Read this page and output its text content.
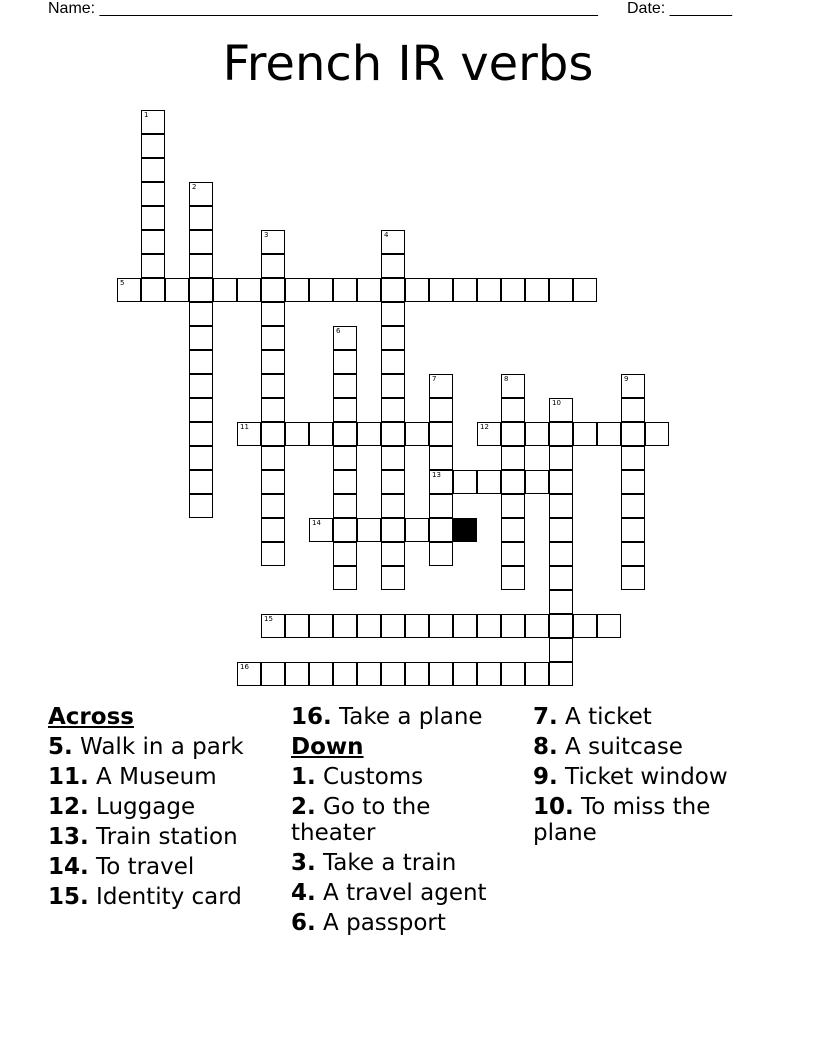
Name: ________________________________________________________ Date: _______
French IR verbs
1
2
3	4
5
6
7
13
8	9
10
11	12
14
15
16
Across
5. Walk in a park
11. A Museum
12. Luggage
13. Train station
14. To travel
15. Identity card
16. Take a plane
Down
1. Customs
2. Go to the theater
3. Take a train
4. A travel agent
6. A passport
7. A ticket
8. A suitcase
9. Ticket window
10. To miss the plane
